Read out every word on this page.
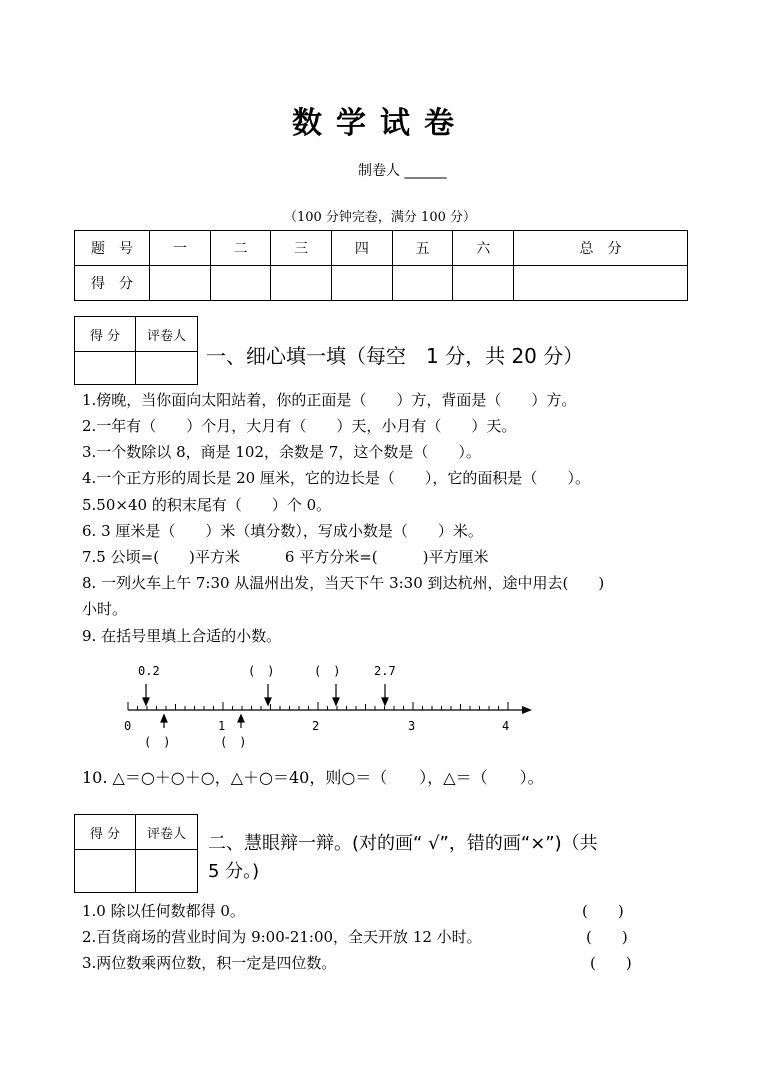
数学试卷
制卷人 ______
（100 分钟完卷，满分 100 分）
题　号	一	二	三	四	五	六	总　分
得　分							
得 分	评卷人

一、细心填一填（每空　1 分，共 20 分）
1.傍晚，当你面向太阳站着，你的正面是（　　）方，背面是（　　）方。
2.一年有（　　）个月，大月有（　　）天，小月有（　　）天。
3.一个数除以 8，商是 102，余数是 7，这个数是（　　）。
4.一个正方形的周长是 20 厘米，它的边长是（　　），它的面积是（　　）。
5.50×40 的积末尾有（　　）个 0。
6. 3 厘米是（　　）米（填分数），写成小数是（　　）米。
7.5 公顷=(　　)平方米　　　6 平方分米=(　　　)平方厘米
8. 一列火车上午 7:30 从温州出发，当天下午 3:30 到达杭州，途中用去(　　)
小时。
9. 在括号里填上合适的小数。
0.2	(　)	(　)	2.7
0	1	2	3	4
(　)	(　)
10. △＝○＋○＋○，△＋○＝40，则○＝（　　），△＝（　　）。
得 分	评卷人
	二、慧眼辩一辩。(对的画“ √”，错的画“×”)（共
5 分。)
1.0 除以任何数都得 0。	(　　)
2.百货商场的营业时间为 9:00-21:00，全天开放 12 小时。	(　　)
3.两位数乘两位数，积一定是四位数。	(　　)
